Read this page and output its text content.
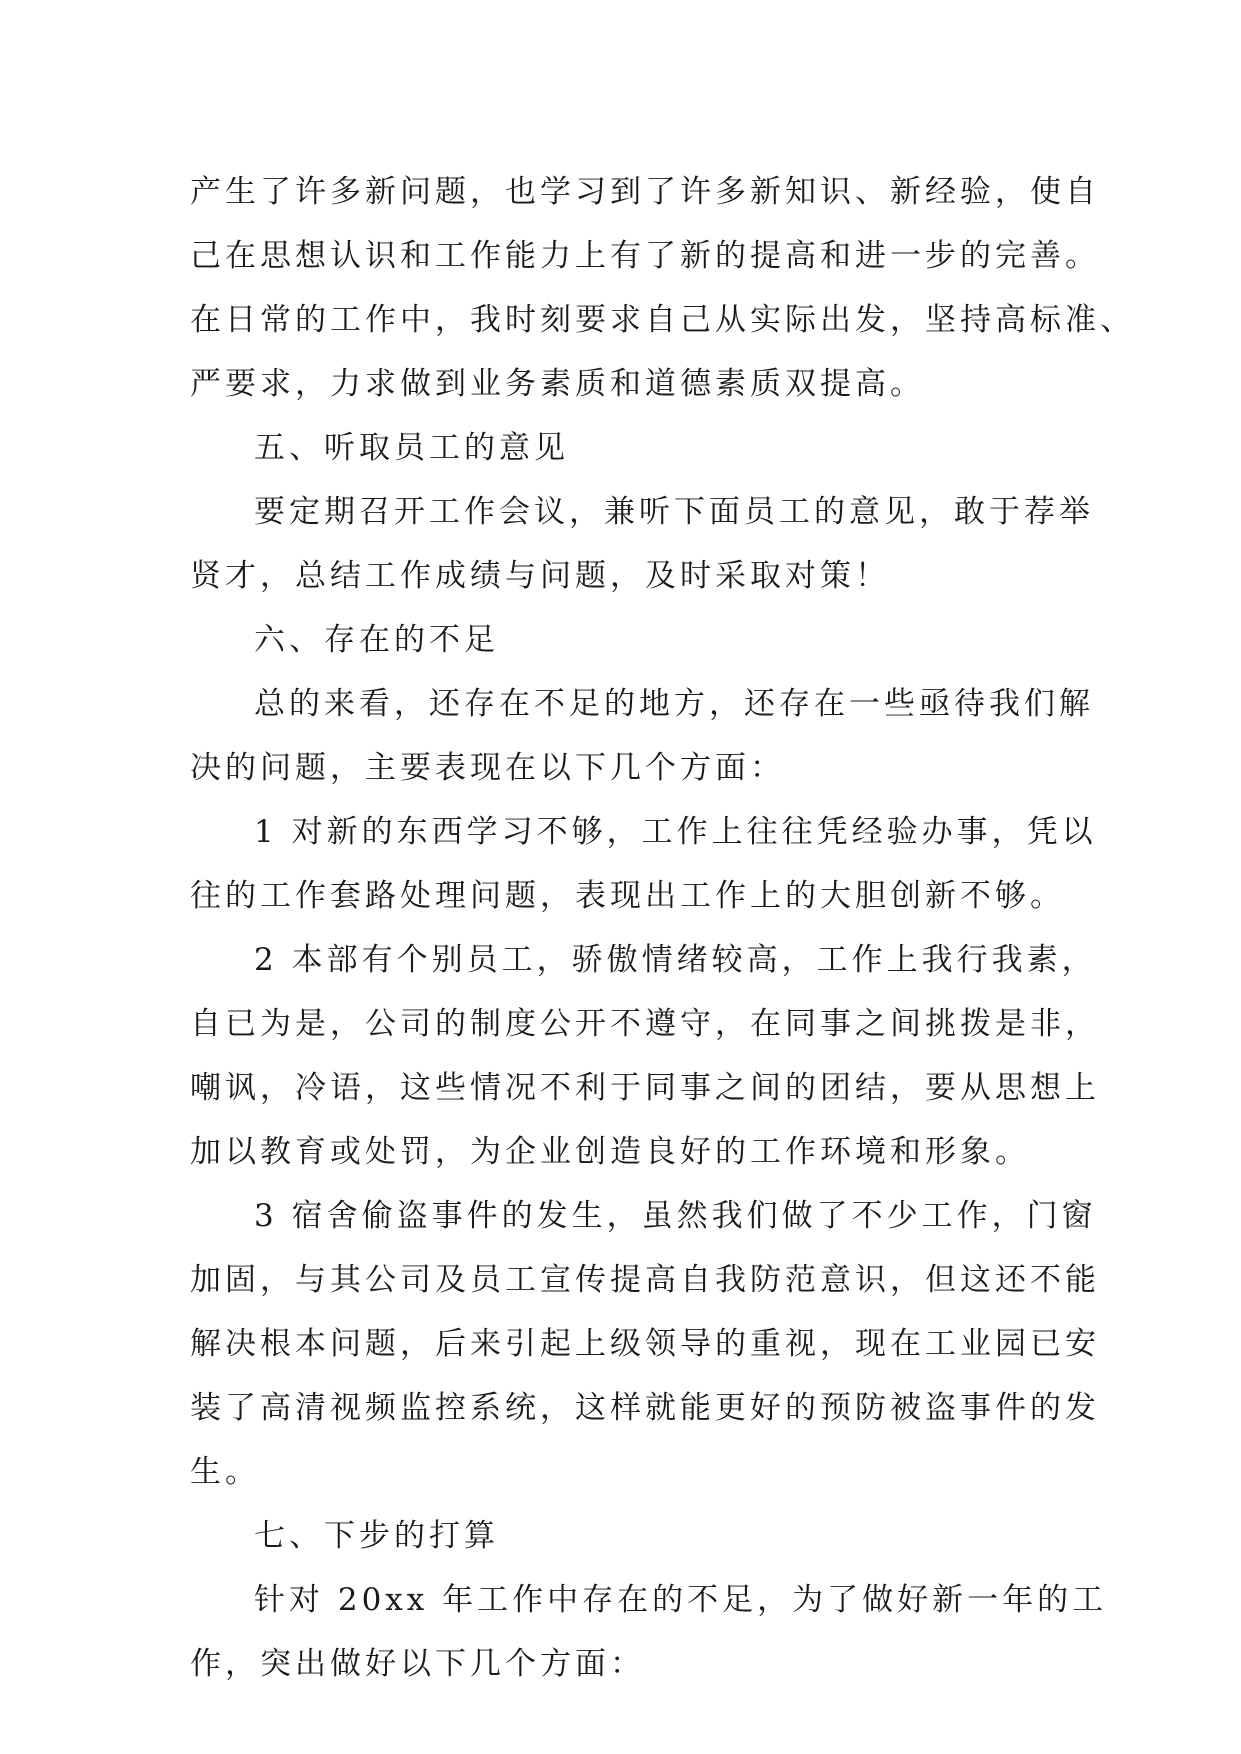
产生了许多新问题，也学习到了许多新知识、新经验，使自
己在思想认识和工作能力上有了新的提高和进一步的完善。
在日常的工作中，我时刻要求自己从实际出发，坚持高标准、
严要求，力求做到业务素质和道德素质双提高。
五、听取员工的意见
要定期召开工作会议，兼听下面员工的意见，敢于荐举
贤才，总结工作成绩与问题，及时采取对策！
六、存在的不足
总的来看，还存在不足的地方，还存在一些亟待我们解
决的问题，主要表现在以下几个方面：
1 对新的东西学习不够，工作上往往凭经验办事，凭以
往的工作套路处理问题，表现出工作上的大胆创新不够。
2 本部有个别员工，骄傲情绪较高，工作上我行我素，
自已为是，公司的制度公开不遵守，在同事之间挑拨是非，
嘲讽，冷语，这些情况不利于同事之间的团结，要从思想上
加以教育或处罚，为企业创造良好的工作环境和形象。
3 宿舍偷盗事件的发生，虽然我们做了不少工作，门窗
加固，与其公司及员工宣传提高自我防范意识，但这还不能
解决根本问题，后来引起上级领导的重视，现在工业园已安
装了高清视频监控系统，这样就能更好的预防被盗事件的发
生。
七、下步的打算
针对 20xx 年工作中存在的不足，为了做好新一年的工
作，突出做好以下几个方面：
